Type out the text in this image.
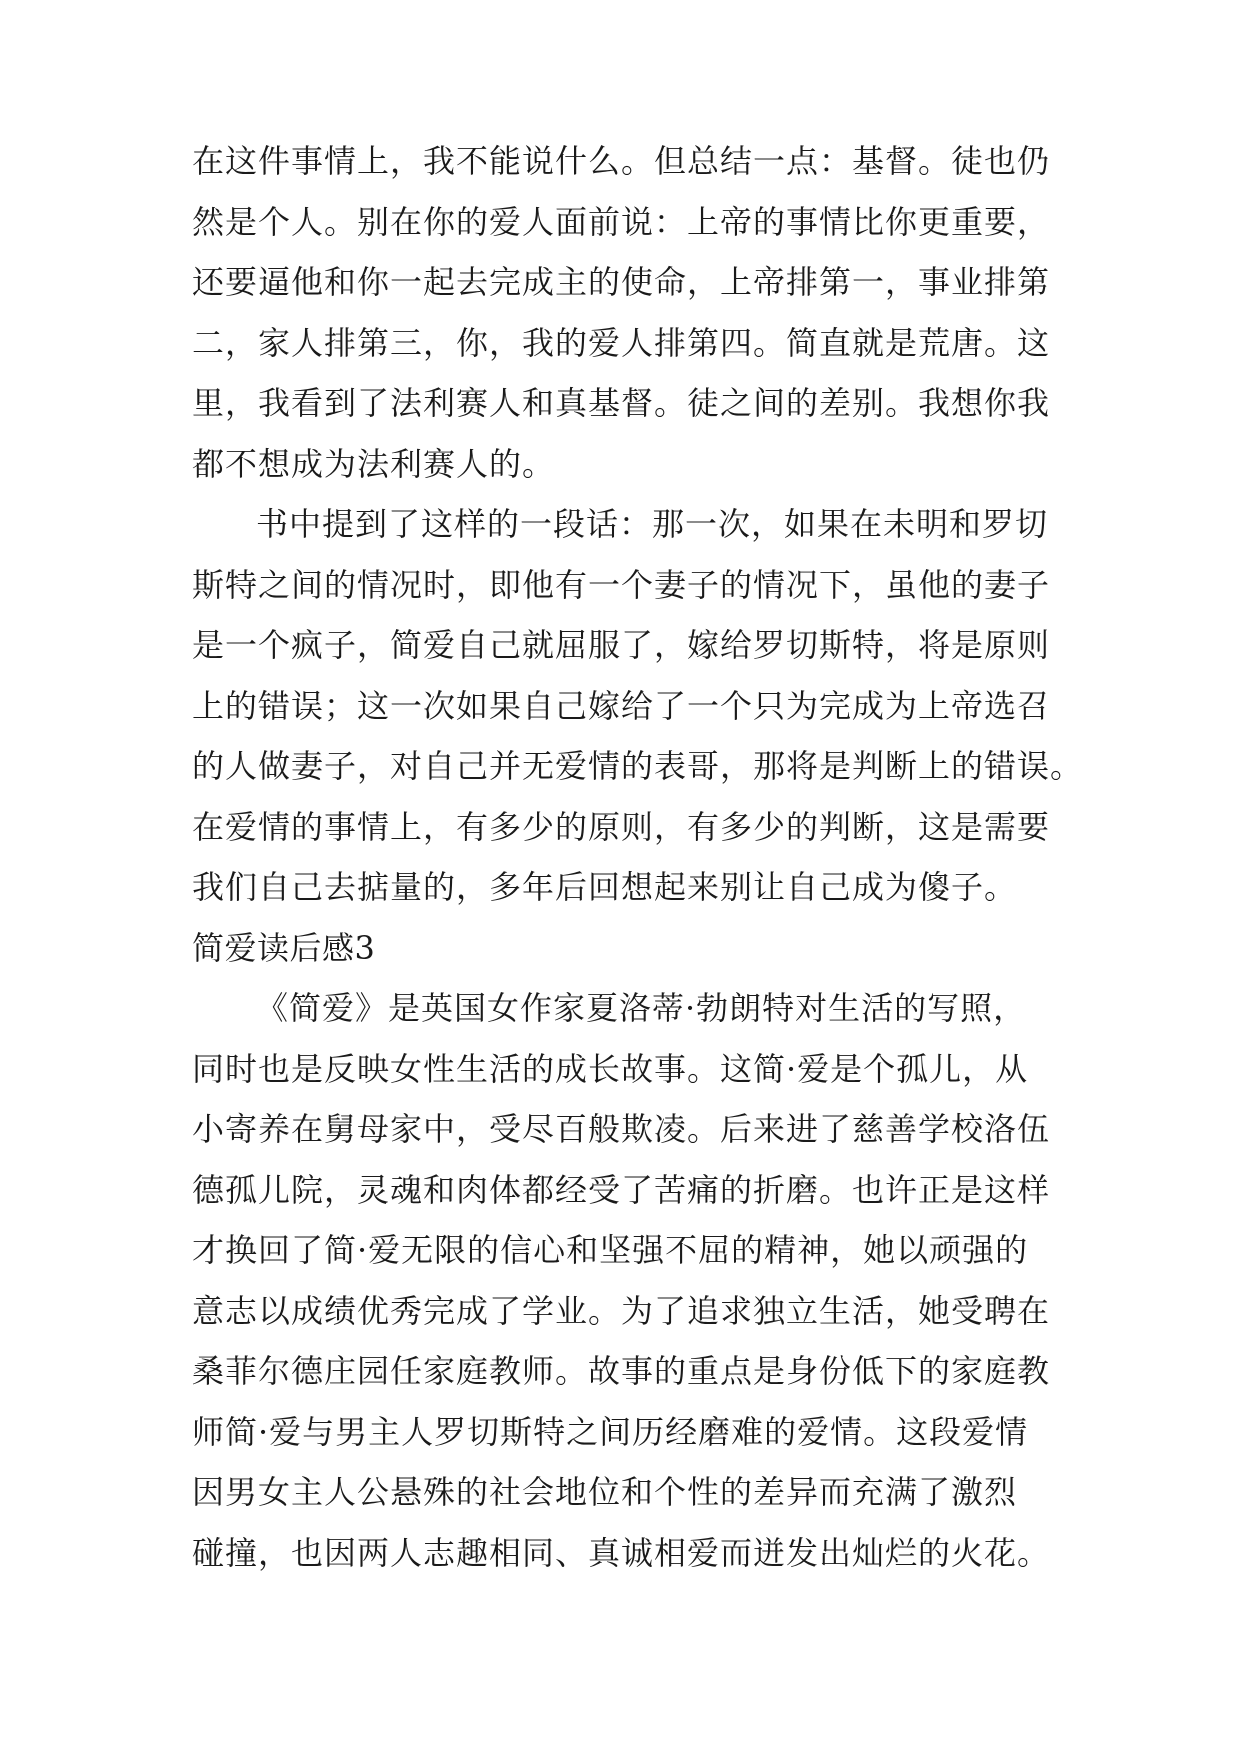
在这件事情上，我不能说什么。但总结一点：基督。徒也仍
然是个人。别在你的爱人面前说：上帝的事情比你更重要，
还要逼他和你一起去完成主的使命，上帝排第一，事业排第
二，家人排第三，你，我的爱人排第四。简直就是荒唐。这
里，我看到了法利赛人和真基督。徒之间的差别。我想你我
都不想成为法利赛人的。
书中提到了这样的一段话：那一次，如果在未明和罗切
斯特之间的情况时，即他有一个妻子的情况下，虽他的妻子
是一个疯子，简爱自己就屈服了，嫁给罗切斯特，将是原则
上的错误；这一次如果自己嫁给了一个只为完成为上帝选召
的人做妻子，对自己并无爱情的表哥，那将是判断上的错误。
在爱情的事情上，有多少的原则，有多少的判断，这是需要
我们自己去掂量的，多年后回想起来别让自己成为傻子。
简爱读后感3
《简爱》是英国女作家夏洛蒂·勃朗特对生活的写照，
同时也是反映女性生活的成长故事。这简·爱是个孤儿，从
小寄养在舅母家中，受尽百般欺凌。后来进了慈善学校洛伍
德孤儿院，灵魂和肉体都经受了苦痛的折磨。也许正是这样
才换回了简·爱无限的信心和坚强不屈的精神，她以顽强的
意志以成绩优秀完成了学业。为了追求独立生活，她受聘在
桑菲尔德庄园任家庭教师。故事的重点是身份低下的家庭教
师简·爱与男主人罗切斯特之间历经磨难的爱情。这段爱情
因男女主人公悬殊的社会地位和个性的差异而充满了激烈
碰撞，也因两人志趣相同、真诚相爱而迸发出灿烂的火花。
